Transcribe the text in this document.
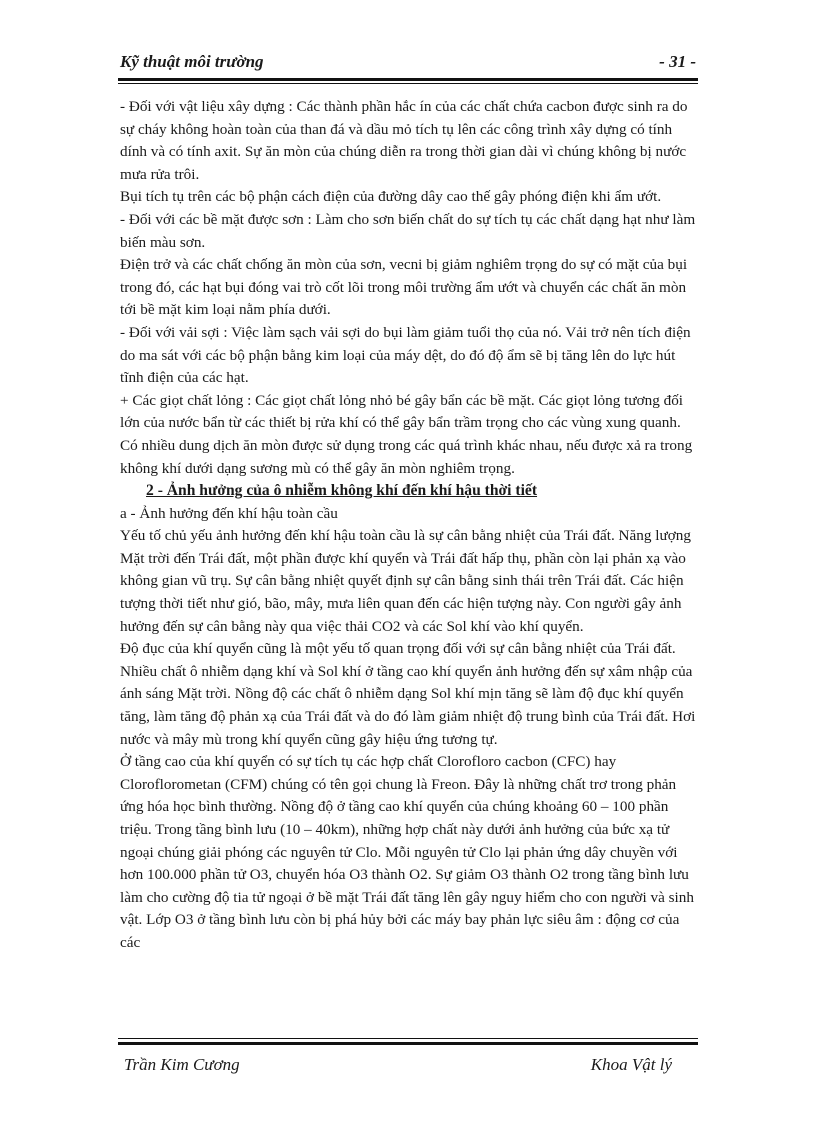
Kỹ thuật môi trường	- 31 -

- Đối với vật liệu xây dựng : Các thành phần hắc ín của các chất chứa cacbon được sinh ra do sự cháy không hoàn toàn của than đá và dầu mỏ tích tụ lên các công trình xây dựng có tính dính và có tính axit. Sự ăn mòn của chúng diễn ra trong thời gian dài vì chúng không bị nước mưa rửa trôi.

Bụi tích tụ trên các bộ phận cách điện của đường dây cao thế gây phóng điện khi ẩm ướt.

- Đối với các bề mặt được sơn : Làm cho sơn biến chất do sự tích tụ các chất dạng hạt như làm biến màu sơn.

Điện trở và các chất chống ăn mòn của sơn, vecni bị giảm nghiêm trọng do sự có mặt của bụi trong đó, các hạt bụi đóng vai trò cốt lõi trong môi trường ẩm ướt và chuyển các chất ăn mòn tới bề mặt kim loại nằm phía dưới.

- Đối với vải sợi : Việc làm sạch vải sợi do bụi làm giảm tuổi thọ của nó. Vải trở nên tích điện do ma sát với các bộ phận bằng kim loại của máy dệt, do đó độ ẩm sẽ bị tăng lên do lực hút tĩnh điện của các hạt.

+ Các giọt chất lỏng : Các giọt chất lỏng nhỏ bé gây bẩn các bề mặt. Các giọt lỏng tương đối lớn của nước bẩn từ các thiết bị rửa khí có thể gây bẩn trầm trọng cho các vùng xung quanh.

Có nhiều dung dịch ăn mòn được sử dụng trong các quá trình khác nhau, nếu được xả ra trong không khí dưới dạng sương mù có thể gây ăn mòn nghiêm trọng.

2 - Ảnh hưởng của ô nhiễm không khí đến khí hậu thời tiết

a - Ảnh hưởng đến khí hậu toàn cầu

Yếu tố chủ yếu ảnh hưởng đến khí hậu toàn cầu là sự cân bằng nhiệt của Trái đất. Năng lượng Mặt trời đến Trái đất, một phần được khí quyển và Trái đất hấp thụ, phần còn lại phản xạ vào không gian vũ trụ. Sự cân bằng nhiệt quyết định sự cân bằng sinh thái trên Trái đất. Các hiện tượng thời tiết như gió, bão, mây, mưa liên quan đến các hiện tượng này. Con người gây ảnh hưởng đến sự cân bằng này qua việc thải CO2 và các Sol khí vào khí quyển.

Độ đục của khí quyển cũng là một yếu tố quan trọng đối với sự cân bằng nhiệt của Trái đất. Nhiều chất ô nhiễm dạng khí và Sol khí ở tầng cao khí quyển ảnh hưởng đến sự xâm nhập của ánh sáng Mặt trời. Nồng độ các chất ô nhiễm dạng Sol khí mịn tăng sẽ làm độ đục khí quyển tăng, làm tăng độ phản xạ của Trái đất và do đó làm giảm nhiệt độ trung bình của Trái đất. Hơi nước và mây mù trong khí quyển cũng gây hiệu ứng tương tự.

Ở tầng cao của khí quyển có sự tích tụ các hợp chất Clorofloro cacbon (CFC) hay Cloroflorometan (CFM) chúng có tên gọi chung là Freon. Đây là những chất trơ trong phản ứng hóa học bình thường. Nồng độ ở tầng cao khí quyển của chúng khoảng 60 – 100 phần triệu. Trong tầng bình lưu (10 – 40km), những hợp chất này dưới ảnh hưởng của bức xạ tử ngoại chúng giải phóng các nguyên tử Clo. Mỗi nguyên tử Clo lại phản ứng dây chuyền với hơn 100.000 phần tử O3, chuyển hóa O3 thành O2. Sự giảm O3 thành O2 trong tầng bình lưu làm cho cường độ tia tử ngoại ở bề mặt Trái đất tăng lên gây nguy hiểm cho con người và sinh vật. Lớp O3 ở tầng bình lưu còn bị phá hủy bởi các máy bay phản lực siêu âm : động cơ của các

Trần Kim Cương	Khoa Vật lý
